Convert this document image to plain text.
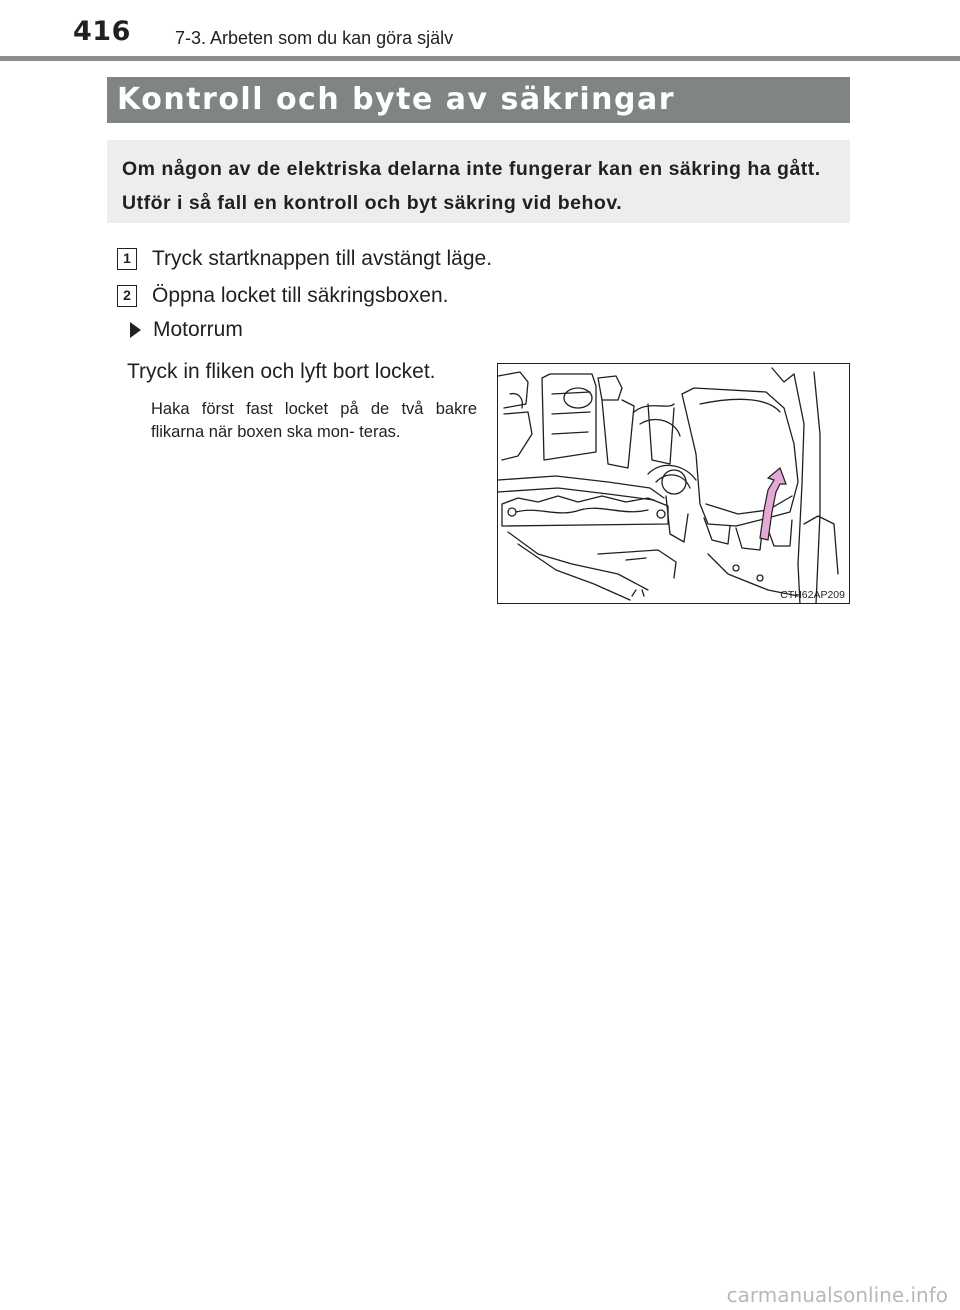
416 7-3. Arbeten som du kan göra själv
Kontroll och byte av säkringar

Om någon av de elektriska delarna inte fungerar kan en säkring ha gått. Utför i så fall en kontroll och byt säkring vid behov.

1 Tryck startknappen till avstängt läge.
2 Öppna locket till säkringsboxen.
Motorrum
Tryck in fliken och lyft bort locket.
Haka först fast locket på de två bakre flikarna när boxen ska mon- teras.
CTH62AP209
carmanualsonline.info
